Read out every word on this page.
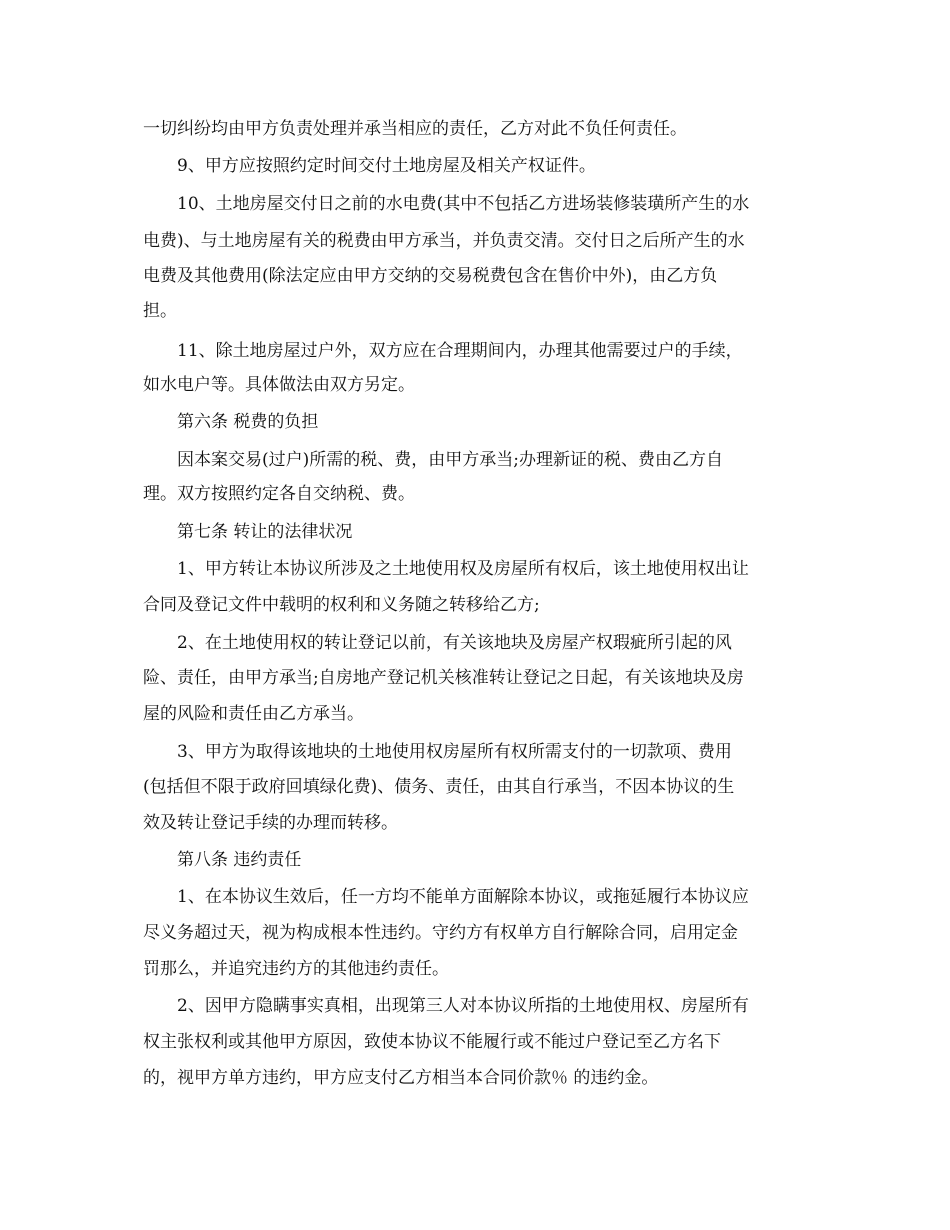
一切纠纷均由甲方负责处理并承当相应的责任，乙方对此不负任何责任。
9、甲方应按照约定时间交付土地房屋及相关产权证件。
10、土地房屋交付日之前的水电费(其中不包括乙方进场装修装璜所产生的水
电费)、与土地房屋有关的税费由甲方承当，并负责交清。交付日之后所产生的水
电费及其他费用(除法定应由甲方交纳的交易税费包含在售价中外)，由乙方负
担。
11、除土地房屋过户外，双方应在合理期间内，办理其他需要过户的手续，
如水电户等。具体做法由双方另定。
第六条 税费的负担
因本案交易(过户)所需的税、费，由甲方承当;办理新证的税、费由乙方自
理。双方按照约定各自交纳税、费。
第七条 转让的法律状况
1、甲方转让本协议所涉及之土地使用权及房屋所有权后，该土地使用权出让
合同及登记文件中载明的权利和义务随之转移给乙方;
2、在土地使用权的转让登记以前，有关该地块及房屋产权瑕疵所引起的风
险、责任，由甲方承当;自房地产登记机关核准转让登记之日起，有关该地块及房
屋的风险和责任由乙方承当。
3、甲方为取得该地块的土地使用权房屋所有权所需支付的一切款项、费用
(包括但不限于政府回填绿化费)、债务、责任，由其自行承当，不因本协议的生
效及转让登记手续的办理而转移。
第八条 违约责任
1、在本协议生效后，任一方均不能单方面解除本协议，或拖延履行本协议应
尽义务超过天，视为构成根本性违约。守约方有权单方自行解除合同，启用定金
罚那么，并追究违约方的其他违约责任。
2、因甲方隐瞒事实真相，出现第三人对本协议所指的土地使用权、房屋所有
权主张权利或其他甲方原因，致使本协议不能履行或不能过户登记至乙方名下
的，视甲方单方违约，甲方应支付乙方相当本合同价款％ 的违约金。
